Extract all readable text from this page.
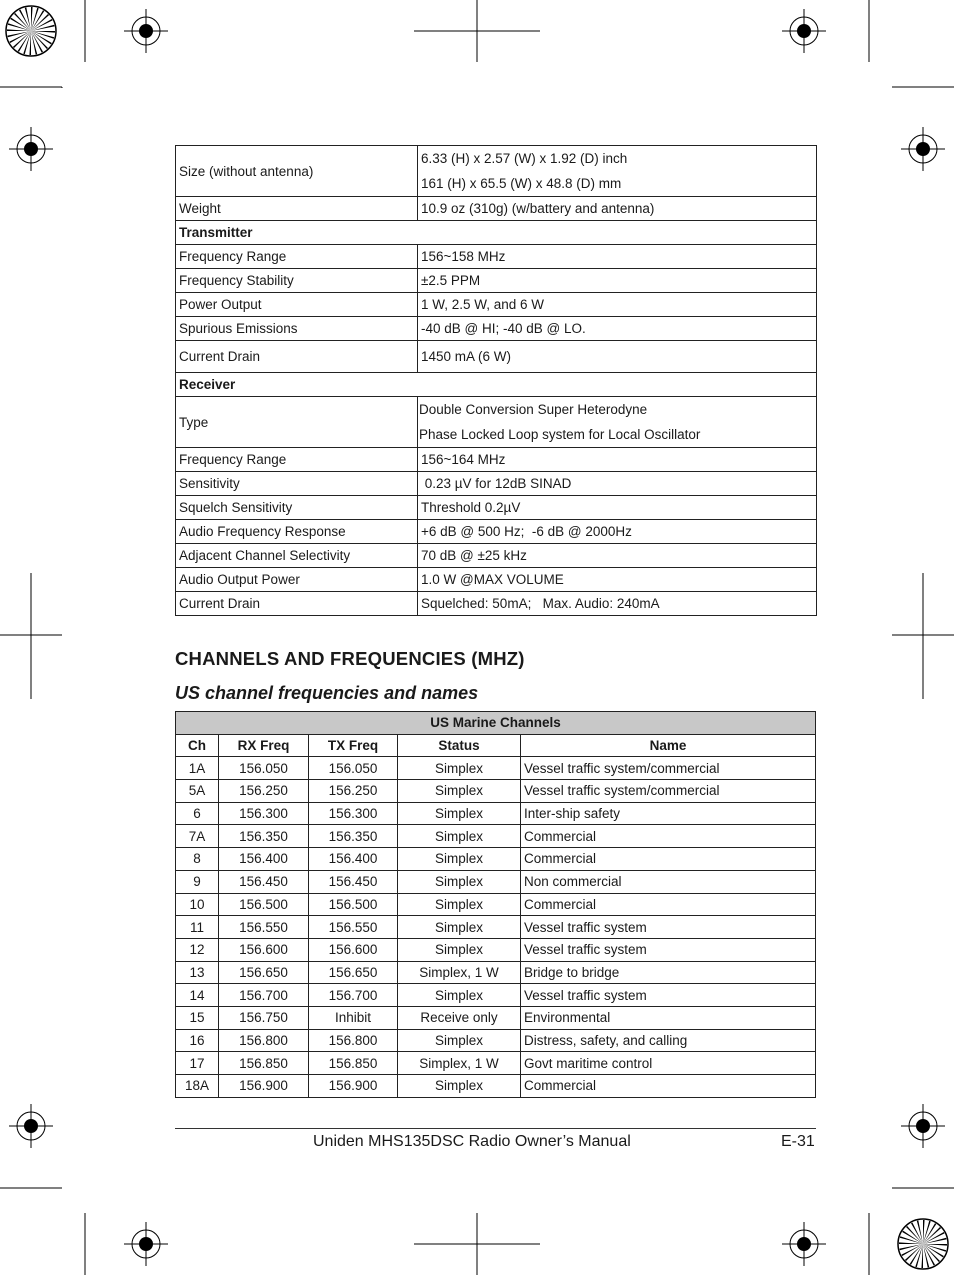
Size (without antenna)	6.33 (H) x 2.57 (W) x 1.92 (D) inch
161 (H) x 65.5 (W) x 48.8 (D) mm

Weight	10.9 oz (310g) (w/battery and antenna)
Transmitter	
Frequency Range	156~158 MHz
Frequency Stability	±2.5 PPM
Power Output	1 W, 2.5 W, and 6 W
Spurious Emissions	-40 dB @ HI; -40 dB @ LO.
Current Drain	1450 mA (6 W)
Receiver	
Type	Double Conversion Super Heterodyne
Phase Locked Loop system for Local Oscillator

Frequency Range	156~164 MHz
Sensitivity	0.23 µV for 12dB SINAD
Squelch Sensitivity	Threshold 0.2µV
Audio Frequency Response	+6 dB @ 500 Hz;  -6 dB @ 2000Hz
Adjacent Channel Selectivity	70 dB @ ±25 kHz
Audio Output Power	1.0 W @MAX VOLUME
Current Drain	Squelched: 50mA;   Max. Audio: 240mA
CHANNELS AND FREQUENCIES (MHZ)
US channel frequencies and names
US Marine Channels				
Ch	RX Freq	TX Freq	Status	Name
1A	156.050	156.050	Simplex	Vessel traffic system/commercial
5A	156.250	156.250	Simplex	Vessel traffic system/commercial
6	156.300	156.300	Simplex	Inter-ship safety
7A	156.350	156.350	Simplex	Commercial
8	156.400	156.400	Simplex	Commercial
9	156.450	156.450	Simplex	Non commercial
10	156.500	156.500	Simplex	Commercial
11	156.550	156.550	Simplex	Vessel traffic system
12	156.600	156.600	Simplex	Vessel traffic system
13	156.650	156.650	Simplex, 1 W	Bridge to bridge
14	156.700	156.700	Simplex	Vessel traffic system
15	156.750	Inhibit	Receive only	Environmental
16	156.800	156.800	Simplex	Distress, safety, and calling
17	156.850	156.850	Simplex, 1 W	Govt maritime control
18A	156.900	156.900	Simplex	Commercial
Uniden MHS135DSC Radio Owner’s Manual	E-31
